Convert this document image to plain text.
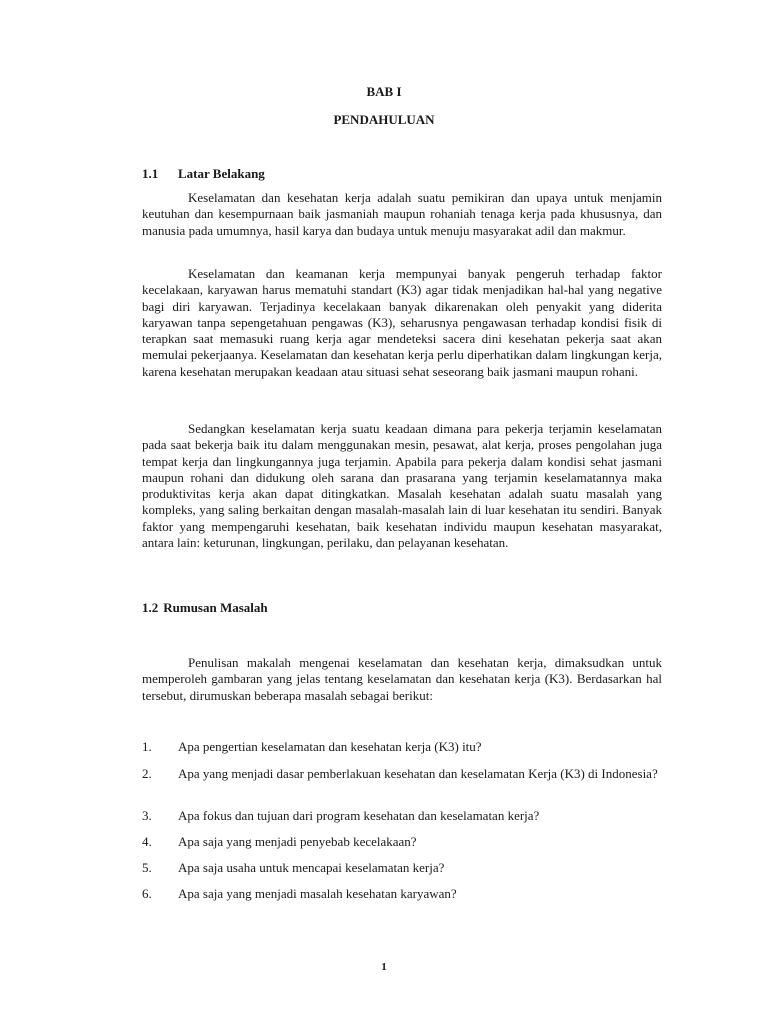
BAB I
PENDAHULUAN
1.1 Latar Belakang

Keselamatan dan kesehatan kerja adalah suatu pemikiran dan upaya untuk menjamin keutuhan dan kesempurnaan baik jasmaniah maupun rohaniah tenaga kerja pada khususnya, dan manusia pada umumnya, hasil karya dan budaya untuk menuju masyarakat adil dan makmur.

Keselamatan dan keamanan kerja mempunyai banyak pengeruh terhadap faktor kecelakaan, karyawan harus mematuhi standart (K3) agar tidak menjadikan hal-hal yang negative bagi diri karyawan. Terjadinya kecelakaan banyak dikarenakan oleh penyakit yang diderita karyawan tanpa sepengetahuan pengawas (K3), seharusnya pengawasan terhadap kondisi fisik di terapkan saat memasuki ruang kerja agar mendeteksi sacera dini kesehatan pekerja saat akan memulai pekerjaanya. Keselamatan dan kesehatan kerja perlu diperhatikan dalam lingkungan kerja, karena kesehatan merupakan keadaan atau situasi sehat seseorang baik jasmani maupun rohani.

Sedangkan keselamatan kerja suatu keadaan dimana para pekerja terjamin keselamatan pada saat bekerja baik itu dalam menggunakan mesin, pesawat, alat kerja, proses pengolahan juga tempat kerja dan lingkungannya juga terjamin. Apabila para pekerja dalam kondisi sehat jasmani maupun rohani dan didukung oleh sarana dan prasarana yang terjamin keselamatannya maka produktivitas kerja akan dapat ditingkatkan. Masalah kesehatan adalah suatu masalah yang kompleks, yang saling berkaitan dengan masalah-masalah lain di luar kesehatan itu sendiri. Banyak faktor yang mempengaruhi kesehatan, baik kesehatan individu maupun kesehatan masyarakat, antara lain: keturunan, lingkungan, perilaku, dan pelayanan kesehatan.

1.2 Rumusan Masalah

Penulisan makalah mengenai keselamatan dan kesehatan kerja, dimaksudkan untuk memperoleh gambaran yang jelas tentang keselamatan dan kesehatan kerja (K3). Berdasarkan hal tersebut, dirumuskan beberapa masalah sebagai berikut:

1. Apa pengertian keselamatan dan kesehatan kerja (K3) itu?
2. Apa yang menjadi dasar pemberlakuan kesehatan dan keselamatan Kerja (K3) di Indonesia?
3. Apa fokus dan tujuan dari program kesehatan dan keselamatan kerja?
4. Apa saja yang menjadi penyebab kecelakaan?
5. Apa saja usaha untuk mencapai keselamatan kerja?
6. Apa saja yang menjadi masalah kesehatan karyawan?
1
